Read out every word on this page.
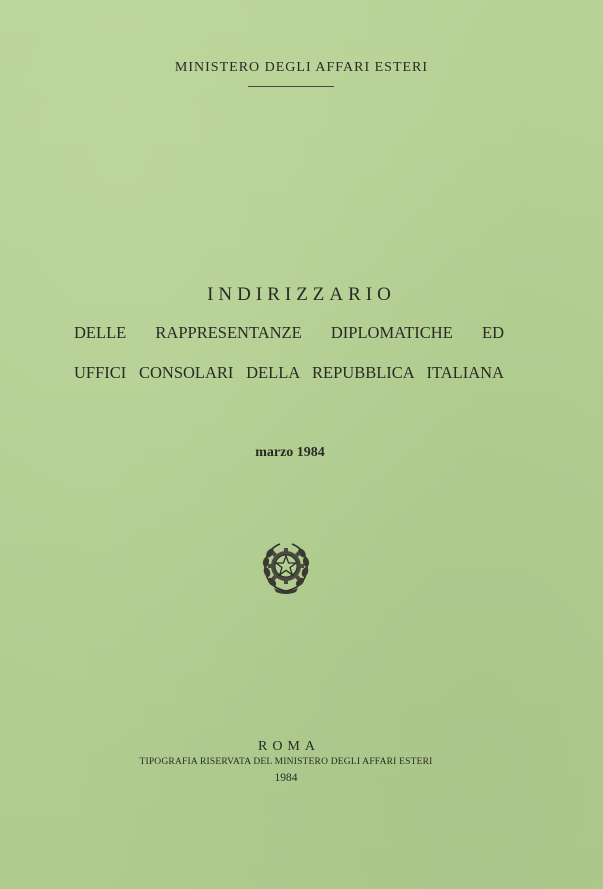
MINISTERO DEGLI AFFARI ESTERI
INDIRIZZARIO
DELLE RAPPRESENTANZE DIPLOMATICHE ED
UFFICI CONSOLARI DELLA REPUBBLICA ITALIANA
marzo 1984
ROMA
TIPOGRAFIA RISERVATA DEL MINISTERO DEGLI AFFARI ESTERI
1984
